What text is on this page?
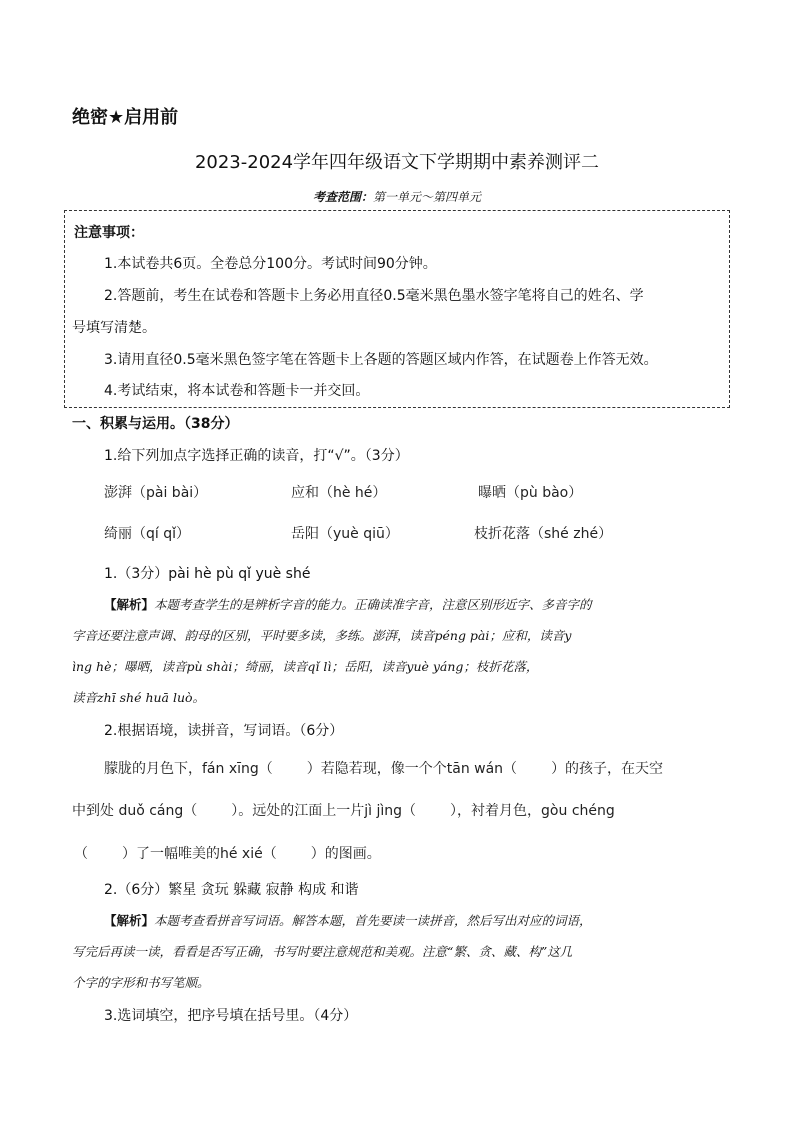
绝密★启用前
2023-2024学年四年级语文下学期期中素养测评二
考查范围：第一单元～第四单元
注意事项：
1.本试卷共6页。全卷总分100分。考试时间90分钟。
2.答题前，考生在试卷和答题卡上务必用直径0.5毫米黑色墨水签字笔将自己的姓名、学
号填写清楚。
3.请用直径0.5毫米黑色签字笔在答题卡上各题的答题区域内作答，在试题卷上作答无效。
4.考试结束，将本试卷和答题卡一并交回。
一、积累与运用。（38分）
1.给下列加点字选择正确的读音，打“√”。（3分）
澎湃（pài bài）	应和（hè hé）	曝晒（pù bào）
绮丽（qí qǐ）	岳阳（yuè qiū）	枝折花落（shé zhé）
1.（3分）pài hè pù qǐ yuè shé
【解析】本题考查学生的是辨析字音的能力。正确读准字音，注意区别形近字、多音字的
字音还要注意声调、韵母的区别，平时要多读，多练。澎湃，读音péng pài；应和，读音y
ìng hè；曝晒，读音pù shài；绮丽，读音qǐ lì；岳阳，读音yuè yáng；枝折花落，
读音zhī shé huā luò。
2.根据语境，读拼音，写词语。（6分）
朦胧的月色下，fán xīng（ ）若隐若现，像一个个tān wán（ ）的孩子，在天空
中到处 duǒ cáng（ ）。远处的江面上一片jì jìng（ ），衬着月色，gòu chéng
（ ）了一幅唯美的hé xié（ ）的图画。
2.（6分）繁星 贪玩 躲藏 寂静 构成 和谐
【解析】本题考查看拼音写词语。解答本题，首先要读一读拼音，然后写出对应的词语，
写完后再读一读，看看是否写正确，书写时要注意规范和美观。注意“繁、贪、藏、构”这几
个字的字形和书写笔顺。
3.选词填空，把序号填在括号里。（4分）
